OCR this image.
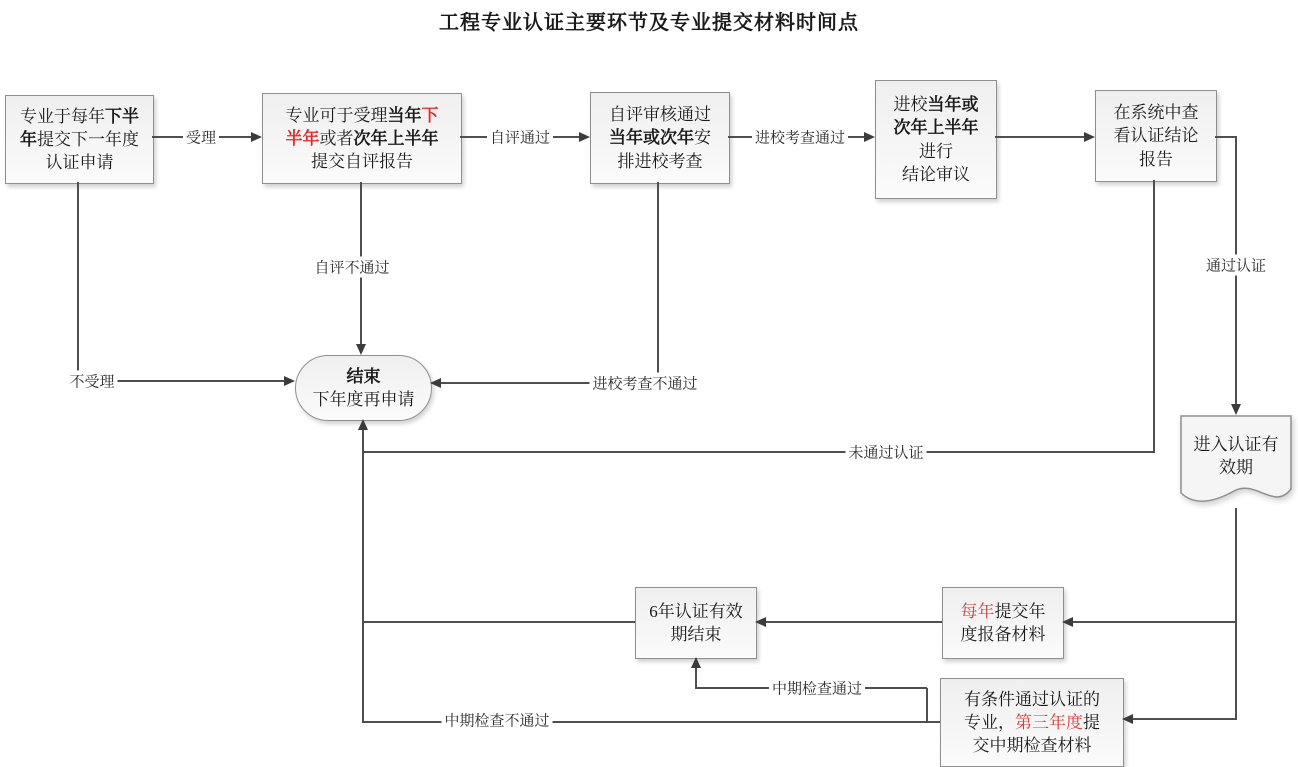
工程专业认证主要环节及专业提交材料时间点
专业于每年下半
年提交下一年度
认证申请
专业可于受理当年下
半年或者次年上半年
提交自评报告
自评审核通过
当年或次年安
排进校考查
进校当年或
次年上半年
进行
结论审议
在系统中查
看认证结论
报告
结束
下年度再申请
进入认证有
效期
6年认证有效
期结束
每年提交年
度报备材料
有条件通过认证的
专业，第三年度提
交中期检查材料
受理	自评通过	进校考查通过
不受理
自评不通过
进校考查不通过
通过认证
未通过认证
中期检查通过
中期检查不通过
